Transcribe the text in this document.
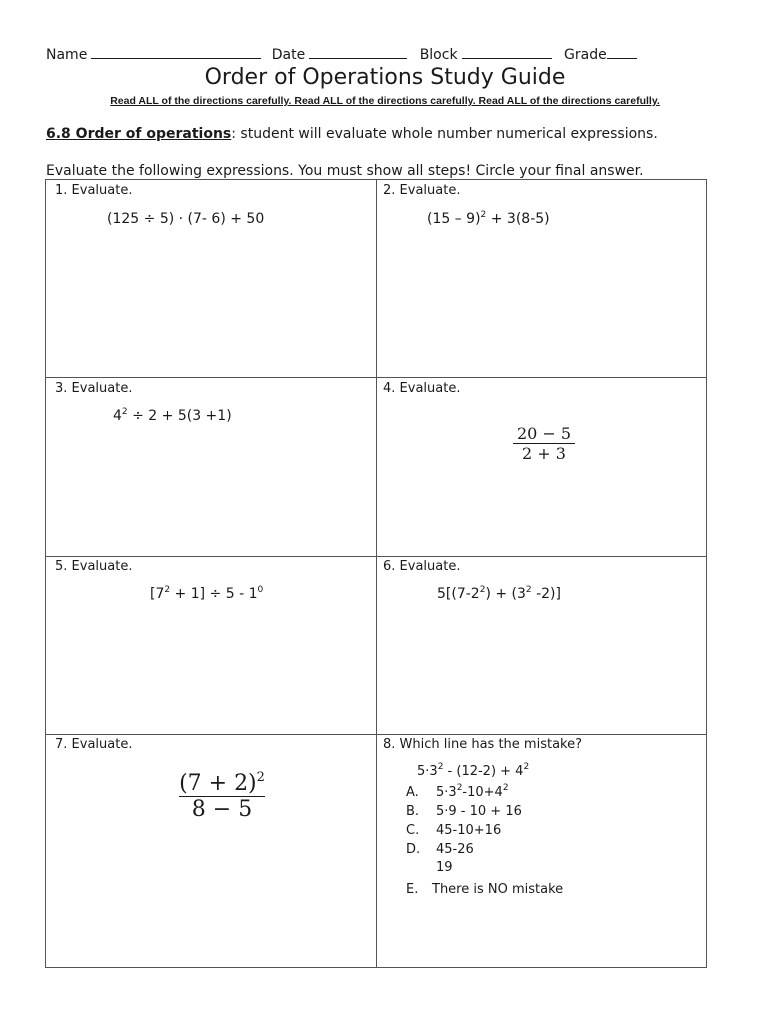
Name	Date	Block	Grade
Order of Operations Study Guide
Read ALL of the directions carefully. Read ALL of the directions carefully. Read ALL of the directions carefully.
6.8 Order of operations: student will evaluate whole number numerical expressions.
Evaluate the following expressions. You must show all steps! Circle your final answer.
1. Evaluate.
(125 ÷ 5) · (7- 6) + 50
2. Evaluate.
(15 – 9)$^2$ + 3(8-5)
3. Evaluate.
$4^2 \div 2 + 5(3 +1)$
4. Evaluate.
20 − 5
2 + 3
5. Evaluate.
$[7^2 + 1] \div 5 - 1^0$
6. Evaluate.
$5[(7-2^2) + (3^2$ -2)]
7. Evaluate.
$(7 + 2)^2$
8 − 5
8. Which line has the mistake?
$5\cdot 3^2 - (12-2) + 4^2$
A. $5\cdot 3^2-10+4^2$
B. 5·9 - 10 + 16
C. 45-10+16
D. 45-26
19
E. There is NO mistake
